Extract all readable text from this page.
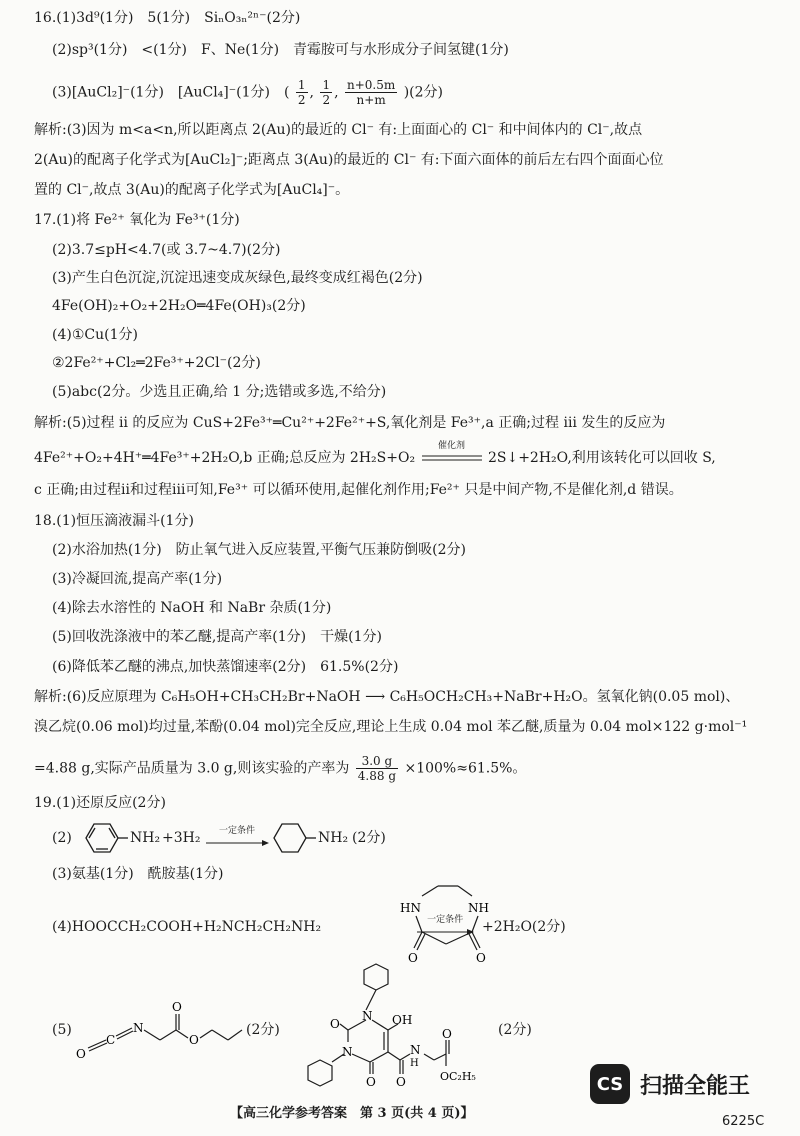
16.(1)3d⁹(1分)　5(1分)　SiₙO₃ₙ²ⁿ⁻(2分)
(2)sp³(1分)　<(1分)　F、Ne(1分)　青霉胺可与水形成分子间氢键(1分)
(3)[AuCl₂]⁻(1分)　[AuCl₄]⁻(1分)　( $\frac{1}{2}$ , $\frac{1}{2}$ , $\frac{n+0.5m}{n+m} )(2$分)
解析:(3)因为 m<a<n,所以距离点 2(Au)的最近的 Cl⁻ 有:上面面心的 Cl⁻ 和中间体内的 Cl⁻,故点
2(Au)的配离子化学式为[AuCl₂]⁻;距离点 3(Au)的最近的 Cl⁻ 有:下面六面体的前后左右四个面面心位
置的 Cl⁻,故点 3(Au)的配离子化学式为[AuCl₄]⁻。
17.(1)将 Fe²⁺ 氧化为 Fe³⁺(1分)
(2)3.7≤pH<4.7(或 3.7~4.7)(2分)
(3)产生白色沉淀,沉淀迅速变成灰绿色,最终变成红褐色(2分)
4Fe(OH)₂+O₂+2H₂O═4Fe(OH)₃(2分)
(4)①Cu(1分)
②2Fe²⁺+Cl₂═2Fe³⁺+2Cl⁻(2分)
(5)abc(2分。少选且正确,给 1 分;选错或多选,不给分)
解析:(5)过程 ⅱ 的反应为 CuS+2Fe³⁺═Cu²⁺+2Fe²⁺+S,氧化剂是 Fe³⁺,a 正确;过程 ⅲ 发生的反应为
4Fe²⁺+O₂+4H⁺═4Fe³⁺+2H₂O,b 正确;总反应为 2H₂S+O₂
催化剂
2S↓+2H₂O,利用该转化可以回收 S,
c 正确;由过程ⅱ和过程ⅲ可知,Fe³⁺ 可以循环使用,起催化剂作用;Fe²⁺ 只是中间产物,不是催化剂,d 错误。
18.(1)恒压滴液漏斗(1分)
(2)水浴加热(1分)　防止氧气进入反应装置,平衡气压兼防倒吸(2分)
(3)冷凝回流,提高产率(1分)
(4)除去水溶性的 NaOH 和 NaBr 杂质(1分)
(5)回收洗涤液中的苯乙醚,提高产率(1分)　干燥(1分)
(6)降低苯乙醚的沸点,加快蒸馏速率(2分)　61.5%(2分)
解析:(6)反应原理为 C₆H₅OH+CH₃CH₂Br+NaOH ⟶ C₆H₅OCH₂CH₃+NaBr+H₂O。氢氧化钠(0.05 mol)、
溴乙烷(0.06 mol)均过量,苯酚(0.04 mol)完全反应,理论上生成 0.04 mol 苯乙醚,质量为 0.04 mol×122 g·mol⁻¹
=4.88 g,实际产品质量为 3.0 g,则该实验的产率为 $\frac{3.0 g}{4.88 g} \times 100\%\approx 61.5\%$。
19.(1)还原反应(2分)
(2)	NH₂ +3H₂	一定条件
	NH₂ (2分)
(3)氨基(1分)　酰胺基(1分)
(4)HOOCCH₂COOH+H₂NCH₂CH₂NH₂	一定条件
HN	NH
O	O
+2H₂O(2分)
(5)
O
C
N
O
O
(2分)
N OH
O
N
O O
N
H
O
OC₂H₅
(2分)
CS 扫描全能王
【高三化学参考答案　第 3 页(共 4 页)】
6225C
